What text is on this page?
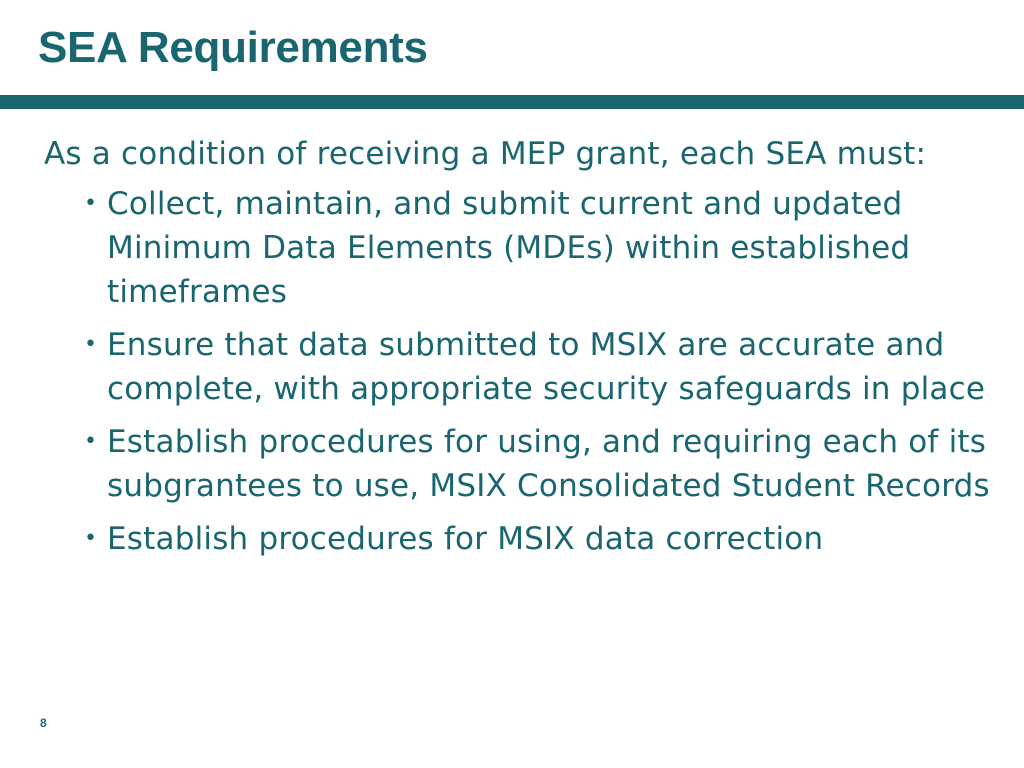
SEA Requirements

As a condition of receiving a MEP grant, each SEA must:

• Collect, maintain, and submit current and updated Minimum Data Elements (MDEs) within established timeframes
• Ensure that data submitted to MSIX are accurate and complete, with appropriate security safeguards in place
• Establish procedures for using, and requiring each of its subgrantees to use, MSIX Consolidated Student Records
• Establish procedures for MSIX data correction
8
